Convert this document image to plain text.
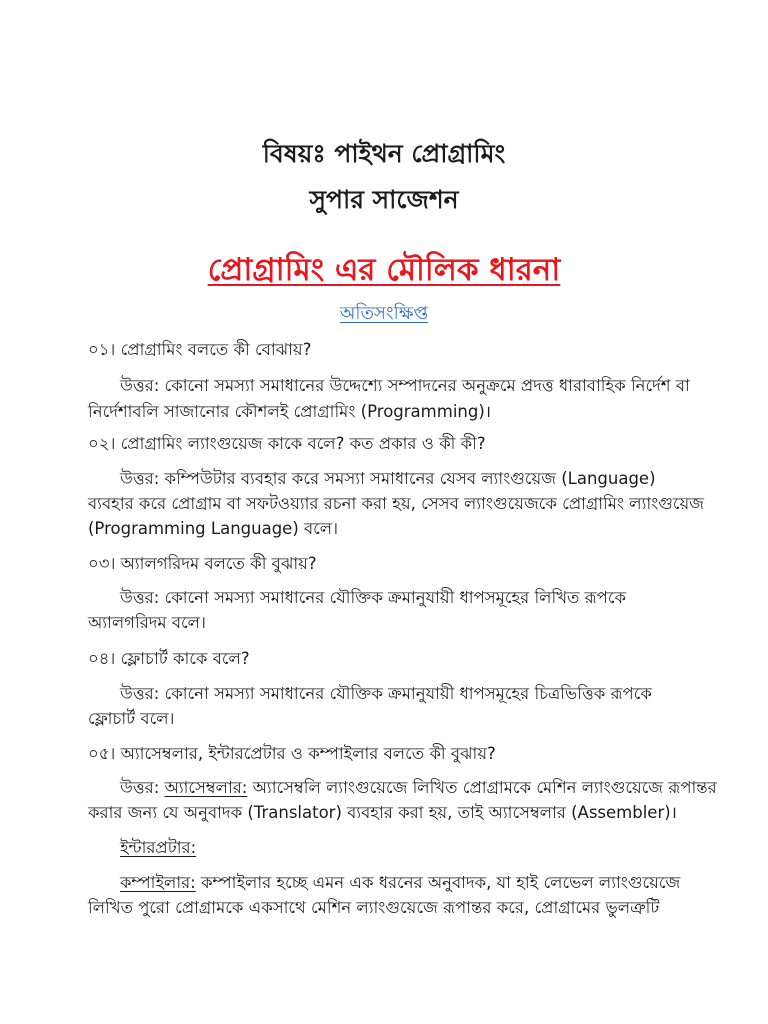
বিষয়ঃ পাইথন প্রোগ্রামিং
সুপার সাজেশন
প্রোগ্রামিং এর মৌলিক ধারনা
অতিসংক্ষিপ্ত
০১। প্রোগ্রামিং বলতে কী বোঝায়?
উত্তর: কোনো সমস্যা সমাধানের উদ্দেশ্যে সম্পাদনের অনুক্রমে প্রদত্ত ধারাবাহিক নির্দেশ বা
নির্দেশাবলি সাজানোর কৌশলই প্রোগ্রামিং (Programming)।
০২। প্রোগ্রামিং ল্যাংগুয়েজ কাকে বলে? কত প্রকার ও কী কী?
উত্তর: কম্পিউটার ব্যবহার করে সমস্যা সমাধানের যেসব ল্যাংগুয়েজ (Language)
ব্যবহার করে প্রোগ্রাম বা সফটওয়্যার রচনা করা হয়, সেসব ল্যাংগুয়েজকে প্রোগ্রামিং ল্যাংগুয়েজ
(Programming Language) বলে।
০৩। অ্যালগরিদম বলতে কী বুঝায়?
উত্তর: কোনো সমস্যা সমাধানের যৌক্তিক ক্রমানুযায়ী ধাপসমূহের লিখিত রূপকে
অ্যালগরিদম বলে।
০৪। ফ্লোচার্ট কাকে বলে?
উত্তর: কোনো সমস্যা সমাধানের যৌক্তিক ক্রমানুযায়ী ধাপসমূহের চিত্রভিত্তিক রূপকে
ফ্লোচার্ট বলে।
০৫। অ্যাসেম্বলার, ইন্টারপ্রেটার ও কম্পাইলার বলতে কী বুঝায়?
উত্তর: অ্যাসেম্বলার: অ্যাসেম্বলি ল্যাংগুয়েজে লিখিত প্রোগ্রামকে মেশিন ল্যাংগুয়েজে রূপান্তর
করার জন্য যে অনুবাদক (Translator) ব্যবহার করা হয়, তাই অ্যাসেম্বলার (Assembler)।
ইন্টারপ্রটার:
কম্পাইলার: কম্পাইলার হচ্ছে এমন এক ধরনের অনুবাদক, যা হাই লেভেল ল্যাংগুয়েজে
লিখিত পুরো প্রোগ্রামকে একসাথে মেশিন ল্যাংগুয়েজে রূপান্তর করে, প্রোগ্রামের ভুলত্রুটি
